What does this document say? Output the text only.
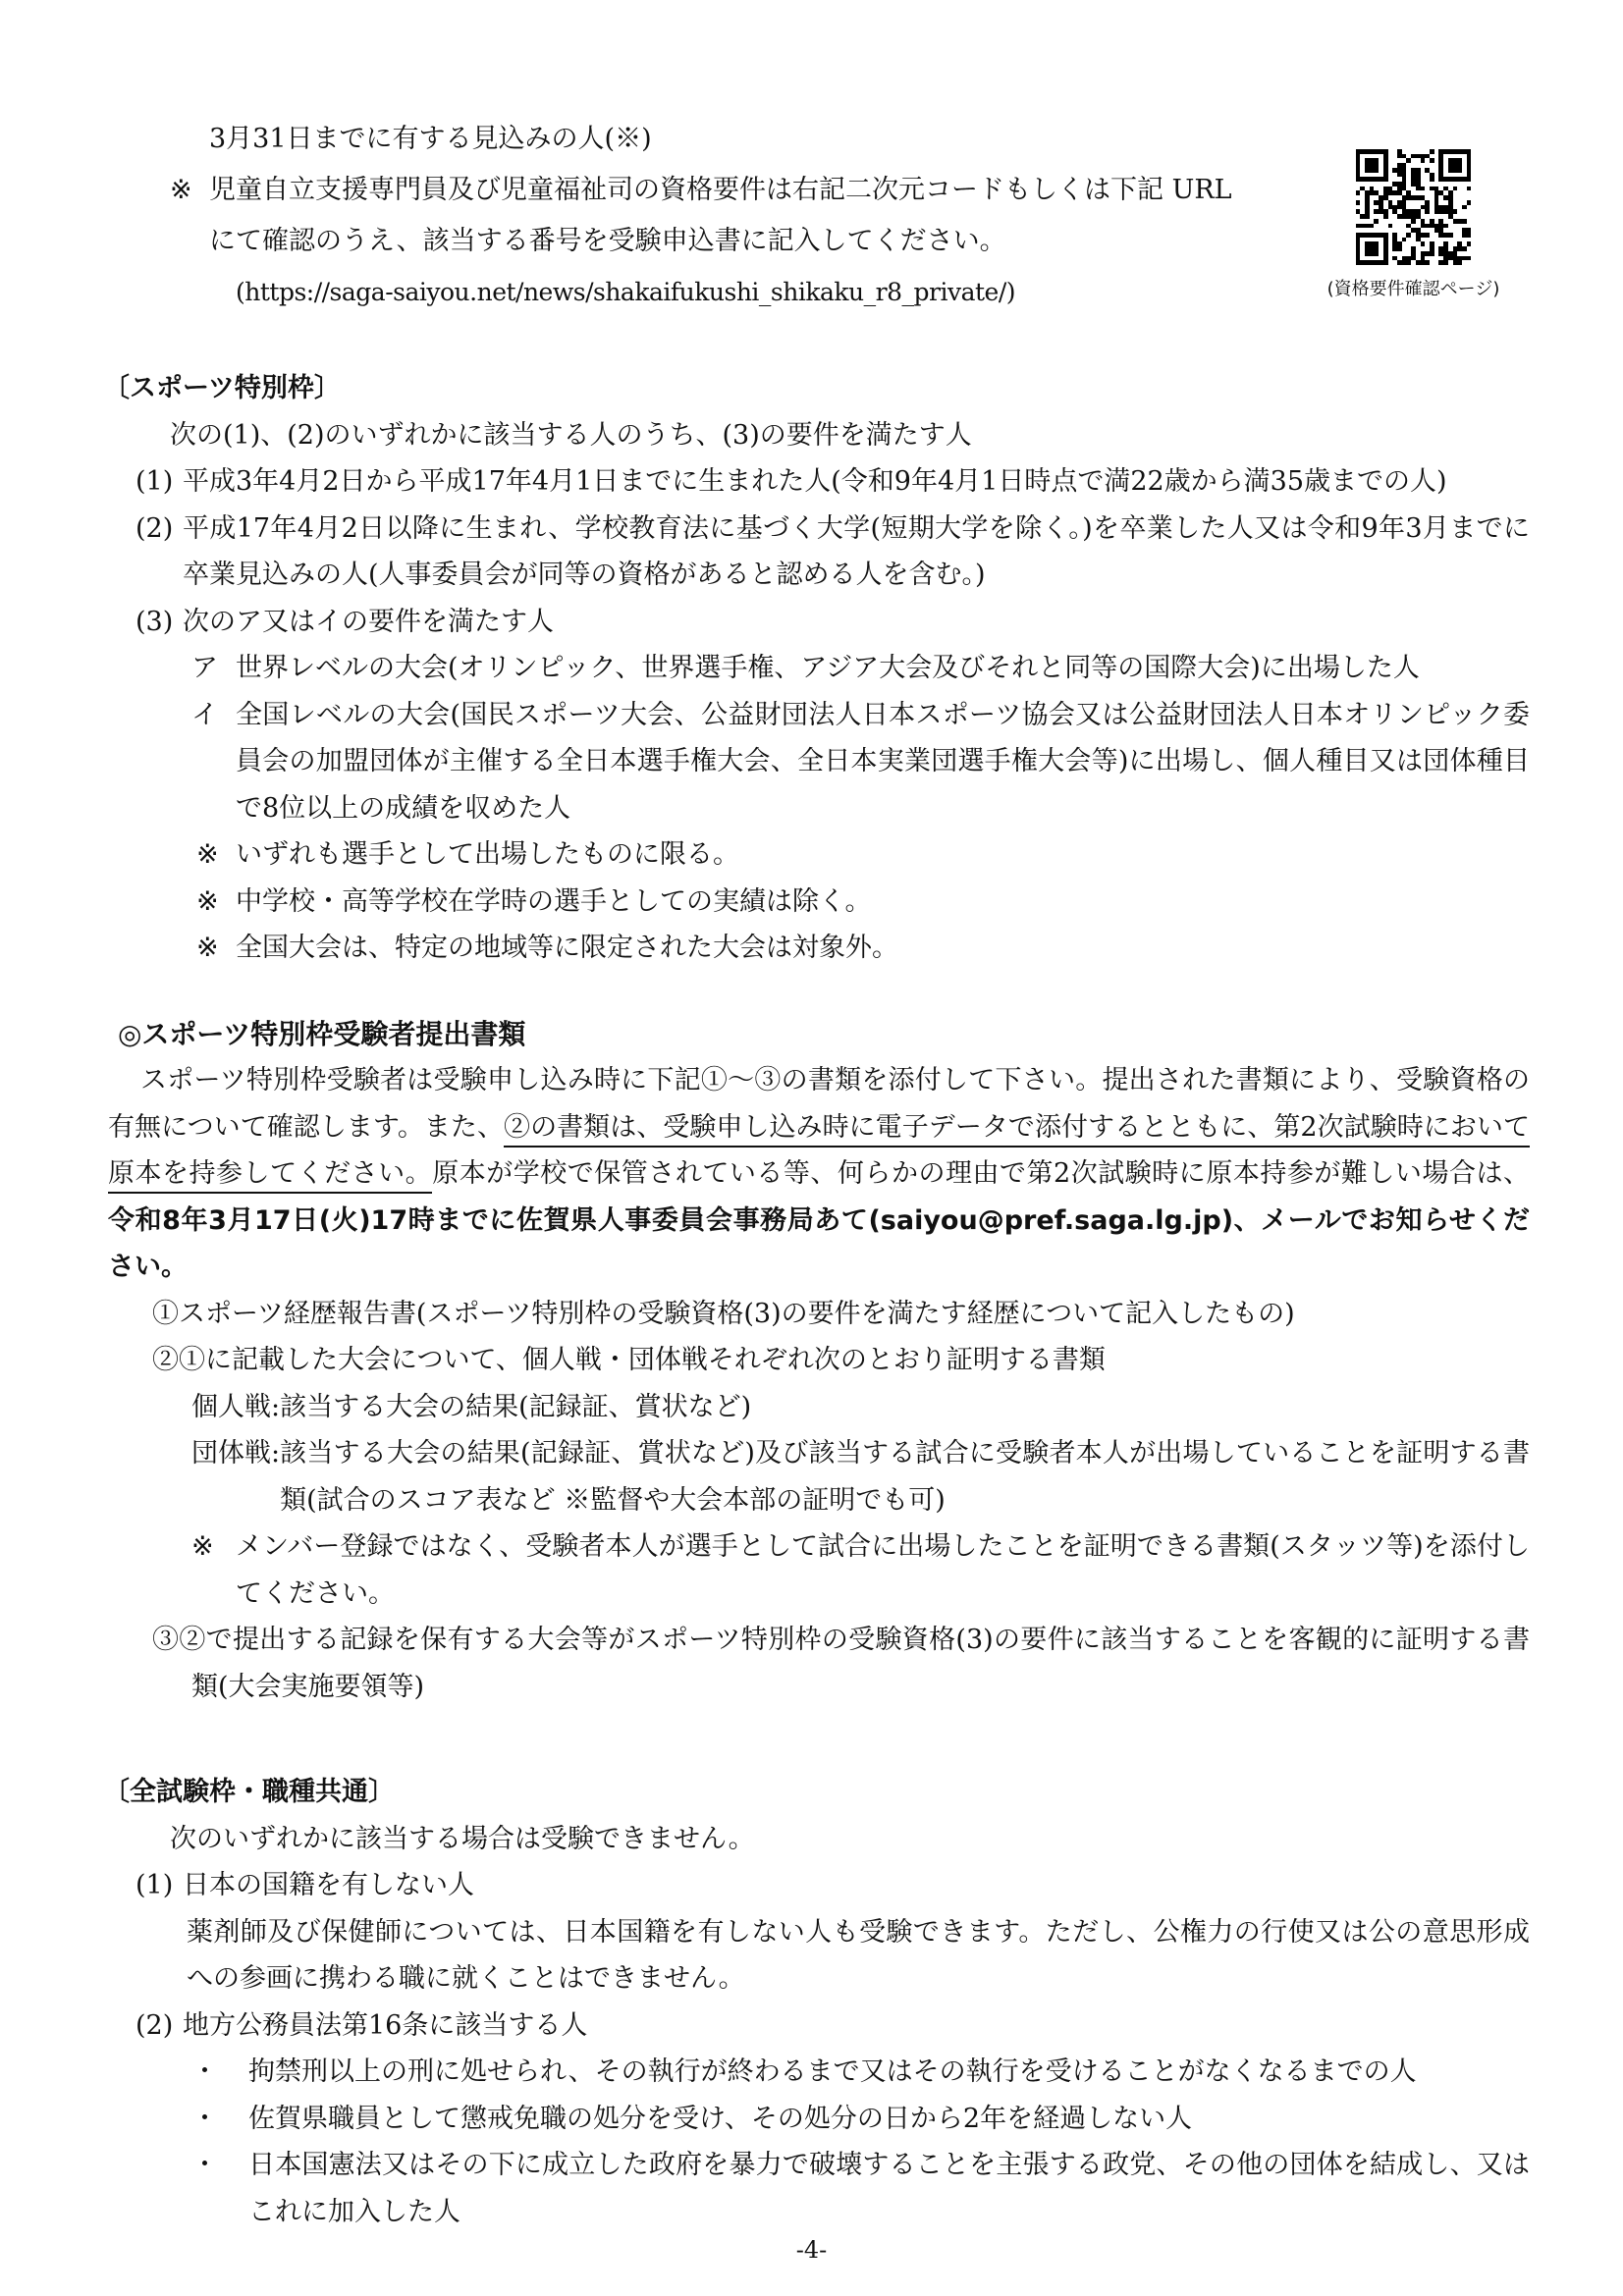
3月31日までに有する見込みの人(※)
※ 児童自立支援専門員及び児童福祉司の資格要件は右記二次元コードもしくは下記 URL
にて確認のうえ、該当する番号を受験申込書に記入してください。
(https://saga-saiyou.net/news/shakaifukushi_shikaku_r8_private/)	(資格要件確認ページ)
〔スポーツ特別枠〕
次の(1)、(2)のいずれかに該当する人のうち、(3)の要件を満たす人
(1) 平成3年4月2日から平成17年4月1日までに生まれた人(令和9年4月1日時点で満22歳から満35歳までの人)
(2) 平成17年4月2日以降に生まれ、学校教育法に基づく大学(短期大学を除く。)を卒業した人又は令和9年3月までに卒業見込みの人(人事委員会が同等の資格があると認める人を含む。)
(3) 次のア又はイの要件を満たす人
ア 世界レベルの大会(オリンピック、世界選手権、アジア大会及びそれと同等の国際大会)に出場した人
イ 全国レベルの大会(国民スポーツ大会、公益財団法人日本スポーツ協会又は公益財団法人日本オリンピック委員会の加盟団体が主催する全日本選手権大会、全日本実業団選手権大会等)に出場し、個人種目又は団体種目で8位以上の成績を収めた人
※ いずれも選手として出場したものに限る。
※ 中学校・高等学校在学時の選手としての実績は除く。
※ 全国大会は、特定の地域等に限定された大会は対象外。
◎スポーツ特別枠受験者提出書類
スポーツ特別枠受験者は受験申し込み時に下記①～③の書類を添付して下さい。提出された書類により、受験資格の有無について確認します。また、②の書類は、受験申し込み時に電子データで添付するとともに、第2次試験時において原本を持参してください。原本が学校で保管されている等、何らかの理由で第2次試験時に原本持参が難しい場合は、令和8年3月17日(火)17時までに佐賀県人事委員会事務局あて(saiyou@pref.saga.lg.jp)、メールでお知らせください。
①スポーツ経歴報告書(スポーツ特別枠の受験資格(3)の要件を満たす経歴について記入したもの)
②①に記載した大会について、個人戦・団体戦それぞれ次のとおり証明する書類
個人戦: 該当する大会の結果(記録証、賞状など)
団体戦: 該当する大会の結果(記録証、賞状など)及び該当する試合に受験者本人が出場していることを証明する書類(試合のスコア表など ※監督や大会本部の証明でも可)
※ メンバー登録ではなく、受験者本人が選手として試合に出場したことを証明できる書類(スタッツ等)を添付してください。
③②で提出する記録を保有する大会等がスポーツ特別枠の受験資格(3)の要件に該当することを客観的に証明する書類(大会実施要領等)
〔全試験枠・職種共通〕
次のいずれかに該当する場合は受験できません。
(1) 日本の国籍を有しない人
薬剤師及び保健師については、日本国籍を有しない人も受験できます。ただし、公権力の行使又は公の意思形成への参画に携わる職に就くことはできません。
(2) 地方公務員法第16条に該当する人
・	拘禁刑以上の刑に処せられ、その執行が終わるまで又はその執行を受けることがなくなるまでの人
・	佐賀県職員として懲戒免職の処分を受け、その処分の日から2年を経過しない人
・	日本国憲法又はその下に成立した政府を暴力で破壊することを主張する政党、その他の団体を結成し、又はこれに加入した人
-4-
